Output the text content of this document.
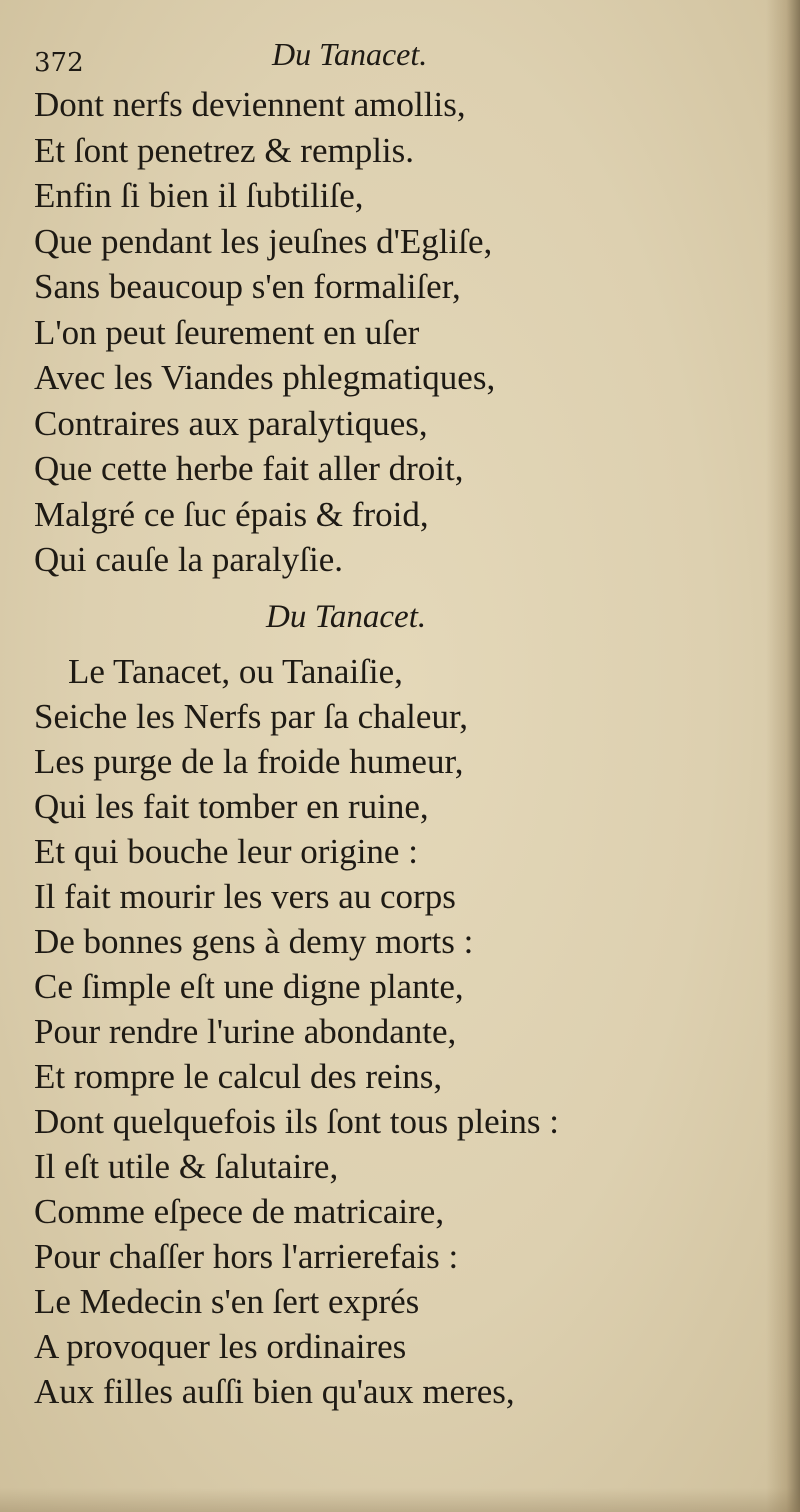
372	Du Tanacet.
Dont nerfs deviennent amollis,
Et ſont penetrez & remplis.
Enfin ſi bien il ſubtiliſe,
Que pendant les jeuſnes d'Egliſe,
Sans beaucoup s'en formaliſer,
L'on peut ſeurement en uſer
Avec les Viandes phlegmatiques,
Contraires aux paralytiques,
Que cette herbe fait aller droit,
Malgré ce ſuc épais & froid,
Qui cauſe la paralyſie.
Du Tanacet.
Le Tanacet, ou Tanaiſie,
Seiche les Nerfs par ſa chaleur,
Les purge de la froide humeur,
Qui les fait tomber en ruine,
Et qui bouche leur origine :
Il fait mourir les vers au corps
De bonnes gens à demy morts :
Ce ſimple eſt une digne plante,
Pour rendre l'urine abondante,
Et rompre le calcul des reins,
Dont quelquefois ils ſont tous pleins :
Il eſt utile & ſalutaire,
Comme eſpece de matricaire,
Pour chaſſer hors l'arrierefais :
Le Medecin s'en ſert exprés
A provoquer les ordinaires
Aux filles auſſi bien qu'aux meres,
